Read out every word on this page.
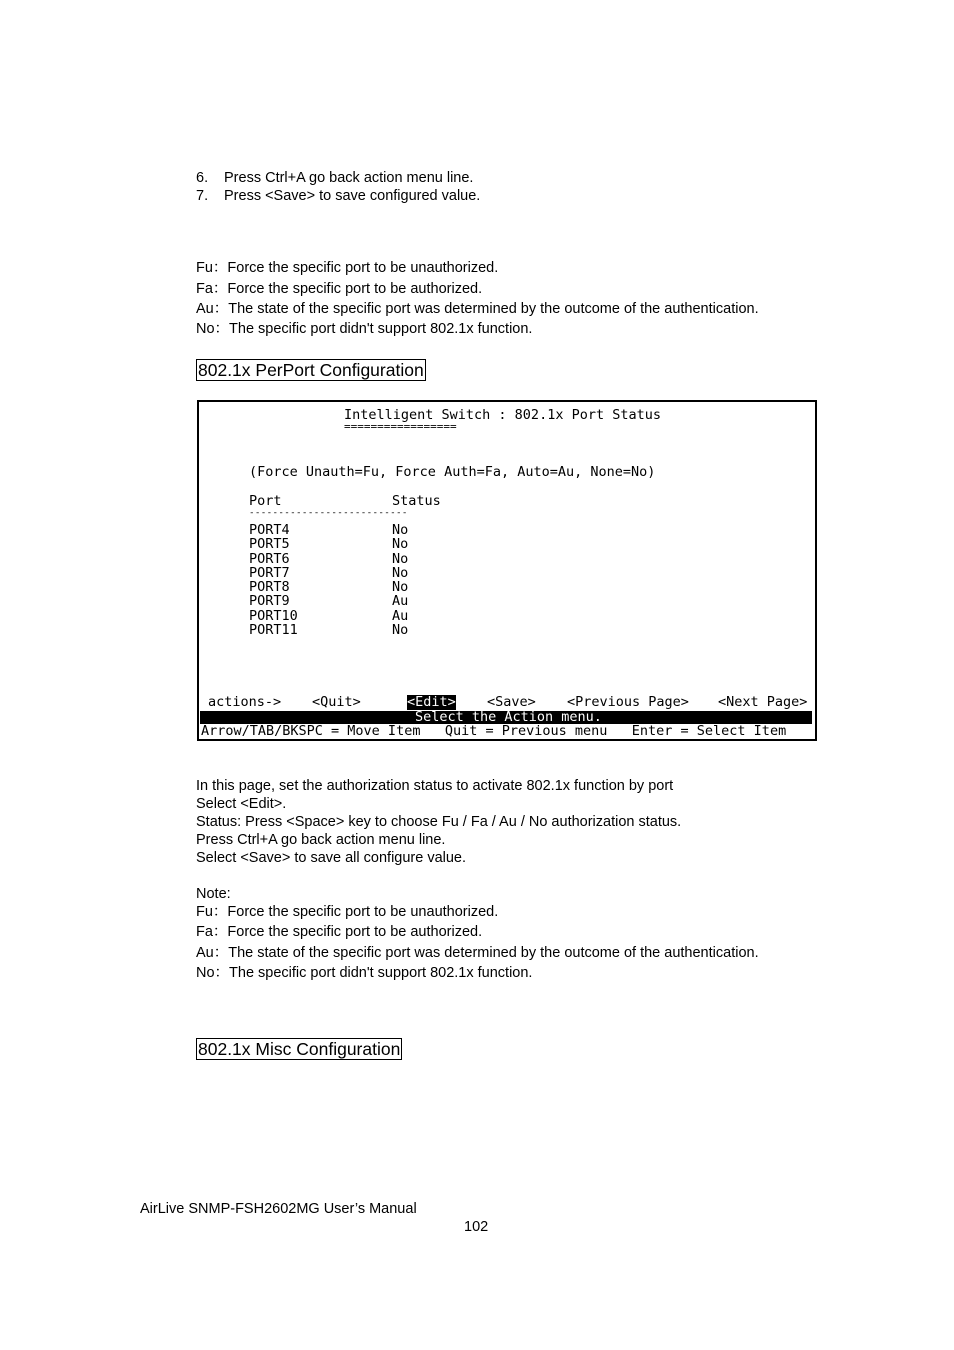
6. Press Ctrl+A go back action menu line.
7. Press <Save> to save configured value.
Fu：Force the specific port to be unauthorized.
Fa：Force the specific port to be authorized.
Au：The state of the specific port was determined by the outcome of the authentication.
No：The specific port didn't support 802.1x function.
802.1x PerPort Configuration
Intelligent Switch : 802.1x Port Status
=================
(Force Unauth=Fu, Force Auth=Fa, Auto=Au, None=No)
Port	Status
---------------------------
PORT4	No
PORT5	No
PORT6	No
PORT7	No
PORT8	No
PORT9	Au
PORT10	Au
PORT11	No
actions-> <Quit>	<Edit> <Save> <Previous Page> <Next Page>
Select the Action menu.
Arrow/TAB/BKSPC = Move Item   Quit = Previous menu   Enter = Select Item
In this page, set the authorization status to activate 802.1x function by port
Select <Edit>.
Status: Press <Space> key to choose Fu / Fa / Au / No authorization status.
Press Ctrl+A go back action menu line.
Select <Save> to save all configure value.
Note:
Fu：Force the specific port to be unauthorized.
Fa：Force the specific port to be authorized.
Au：The state of the specific port was determined by the outcome of the authentication.
No：The specific port didn't support 802.1x function.
802.1x Misc Configuration
AirLive SNMP-FSH2602MG User’s Manual
102
